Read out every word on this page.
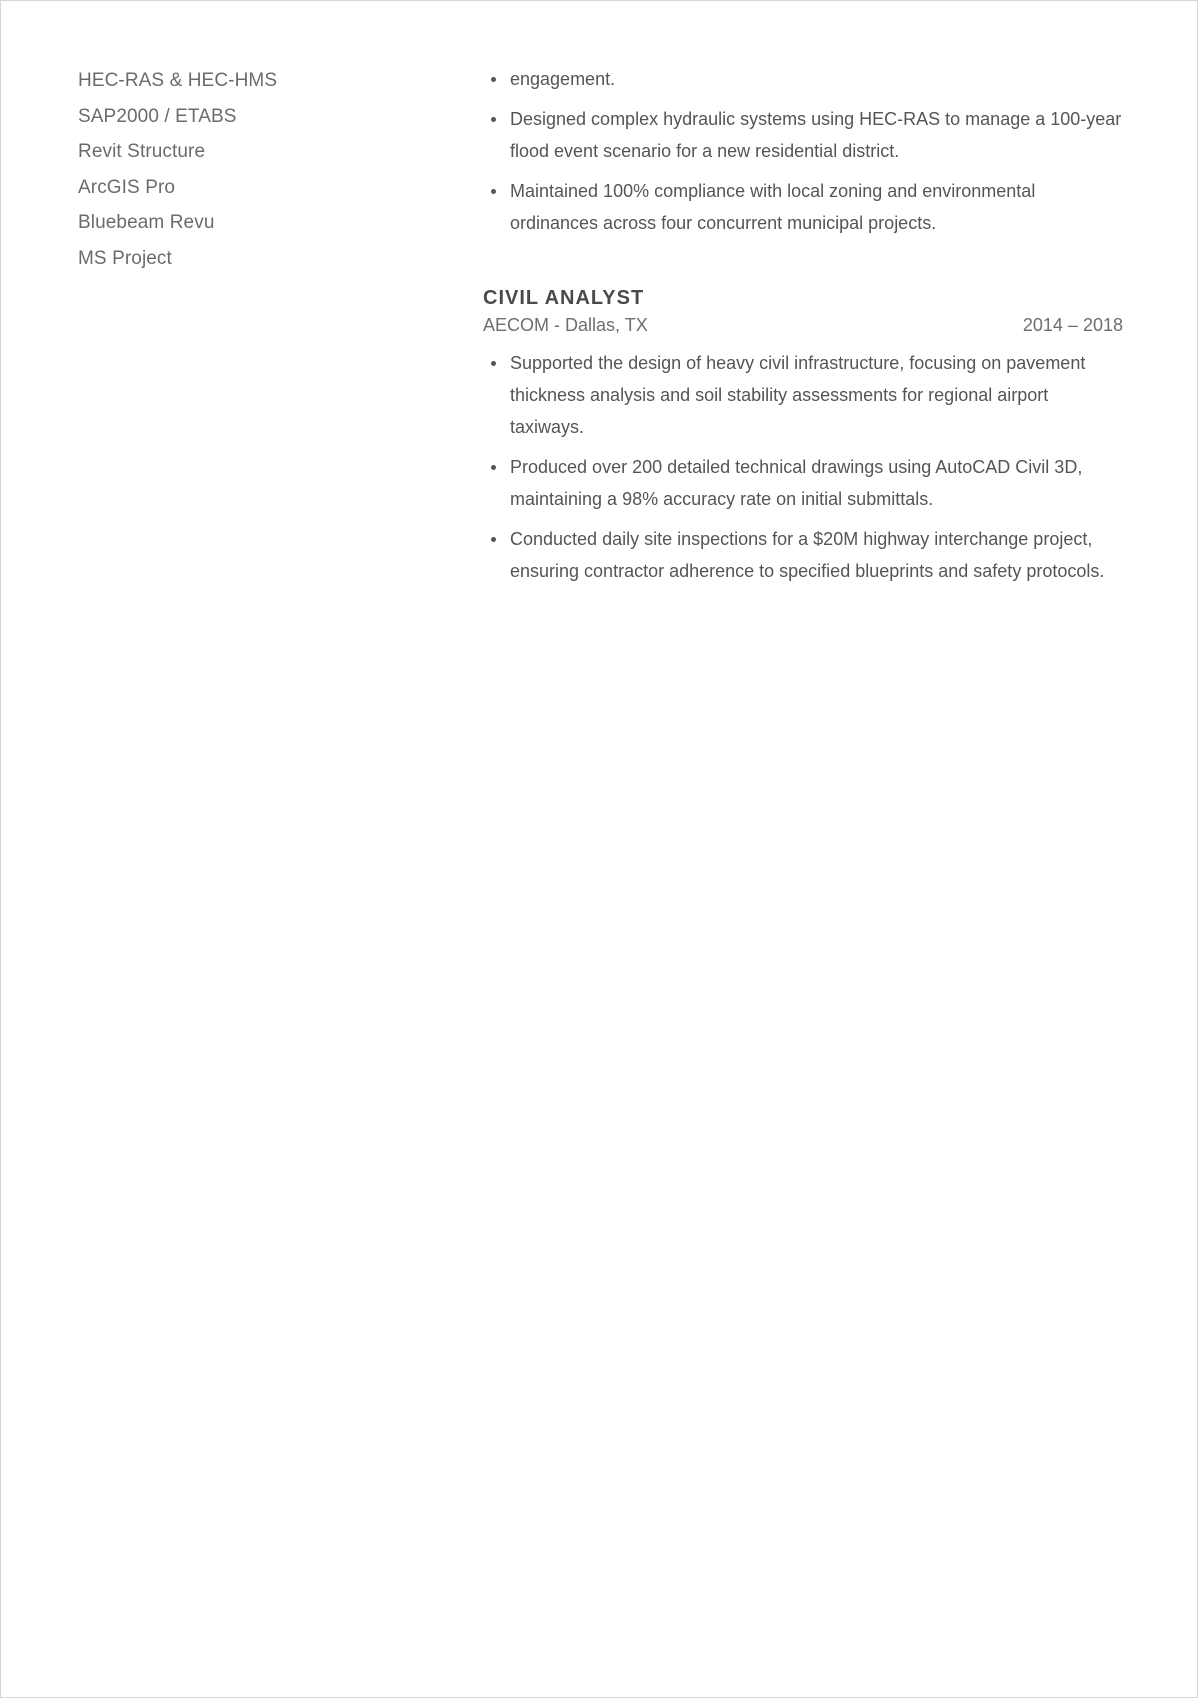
HEC-RAS & HEC-HMS
SAP2000 / ETABS
Revit Structure
ArcGIS Pro
Bluebeam Revu
MS Project
engagement.
Designed complex hydraulic systems using HEC-RAS to manage a 100-year flood event scenario for a new residential district.
Maintained 100% compliance with local zoning and environmental ordinances across four concurrent municipal projects.
CIVIL ANALYST
AECOM - Dallas, TX	2014 – 2018
Supported the design of heavy civil infrastructure, focusing on pavement thickness analysis and soil stability assessments for regional airport taxiways.
Produced over 200 detailed technical drawings using AutoCAD Civil 3D, maintaining a 98% accuracy rate on initial submittals.
Conducted daily site inspections for a $20M highway interchange project, ensuring contractor adherence to specified blueprints and safety protocols.
